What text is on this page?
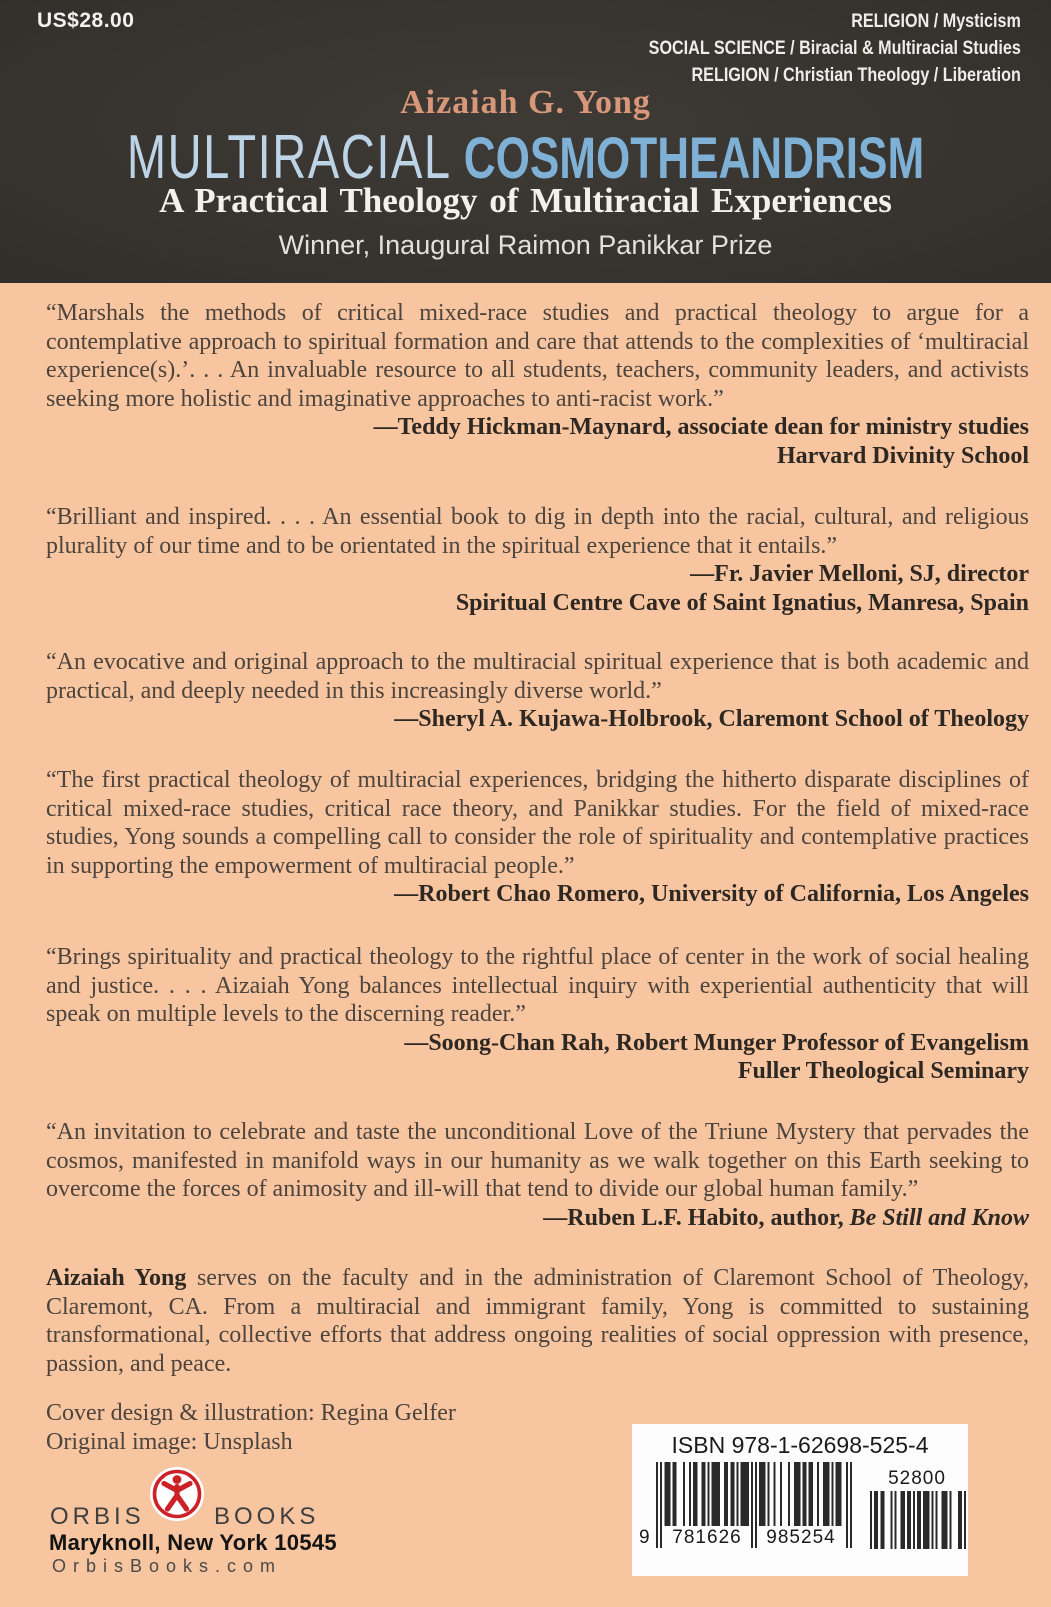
US$28.00	RELIGION / Mysticism
SOCIAL SCIENCE / Biracial & Multiracial Studies
RELIGION / Christian Theology / Liberation
Aizaiah G. Yong
MULTIRACIAL COSMOTHEANDRISM
A Practical Theology of Multiracial Experiences
Winner, Inaugural Raimon Panikkar Prize
“Marshals the methods of critical mixed-race studies and practical theology to argue for a contemplative approach to spiritual formation and care that attends to the complexities of ‘multiracial experience(s).’. . . An invaluable resource to all students, teachers, community leaders, and activists seeking more holistic and imaginative approaches to anti-racist work.”
—Teddy Hickman-Maynard, associate dean for ministry studies
Harvard Divinity School
“Brilliant and inspired. . . . An essential book to dig in depth into the racial, cultural, and religious plurality of our time and to be orientated in the spiritual experience that it entails.”
—Fr. Javier Melloni, SJ, director
Spiritual Centre Cave of Saint Ignatius, Manresa, Spain
“An evocative and original approach to the multiracial spiritual experience that is both academic and practical, and deeply needed in this increasingly diverse world.”
—Sheryl A. Kujawa-Holbrook, Claremont School of Theology
“The first practical theology of multiracial experiences, bridging the hitherto disparate disciplines of critical mixed-race studies, critical race theory, and Panikkar studies. For the field of mixed-race studies, Yong sounds a compelling call to consider the role of spirituality and contemplative practices in supporting the empowerment of multiracial people.”
—Robert Chao Romero, University of California, Los Angeles
“Brings spirituality and practical theology to the rightful place of center in the work of social healing and justice. . . . Aizaiah Yong balances intellectual inquiry with experiential authenticity that will speak on multiple levels to the discerning reader.”
—Soong-Chan Rah, Robert Munger Professor of Evangelism
Fuller Theological Seminary
“An invitation to celebrate and taste the unconditional Love of the Triune Mystery that pervades the cosmos, manifested in manifold ways in our humanity as we walk together on this Earth seeking to overcome the forces of animosity and ill-will that tend to divide our global human family.”
—Ruben L.F. Habito, author, Be Still and Know
Aizaiah Yong serves on the faculty and in the administration of Claremont School of Theology, Claremont, CA. From a multiracial and immigrant family, Yong is committed to sustaining transformational, collective efforts that address ongoing realities of social oppression with presence, passion, and peace.
Cover design & illustration: Regina Gelfer
Original image: Unsplash
ORBIS	BOOKS
Maryknoll, New York 10545
OrbisBooks.com
ISBN 978-1-62698-525-4
9	781626	985254
52800
